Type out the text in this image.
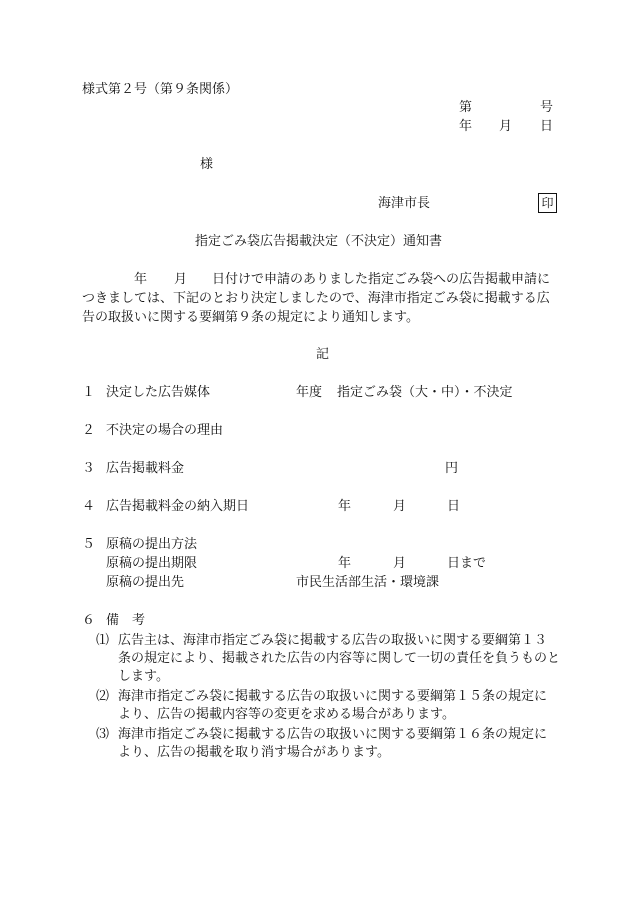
様式第２号（第９条関係）
第	号
年 月 日
様
海津市長	印
指定ごみ袋広告掲載決定（不決定）通知書
年 月 日付けで申請のありました指定ごみ袋への広告掲載申請に
つきましては、下記のとおり決定しましたので、海津市指定ごみ袋に掲載する広
告の取扱いに関する要綱第９条の規定により通知します。
記
１ 決定した広告媒体	年度 指定ごみ袋（大・中）・不決定
２ 不決定の場合の理由
３ 広告掲載料金	円
４ 広告掲載料金の納入期日	年	月	日
５ 原稿の提出方法
原稿の提出期限	年	月	日まで
原稿の提出先	市民生活部生活・環境課
６ 備　考
⑴ 広告主は、海津市指定ごみ袋に掲載する広告の取扱いに関する要綱第１３
条の規定により、掲載された広告の内容等に関して一切の責任を負うものと
します。
⑵ 海津市指定ごみ袋に掲載する広告の取扱いに関する要綱第１５条の規定に
より、広告の掲載内容等の変更を求める場合があります。
⑶ 海津市指定ごみ袋に掲載する広告の取扱いに関する要綱第１６条の規定に
より、広告の掲載を取り消す場合があります。
